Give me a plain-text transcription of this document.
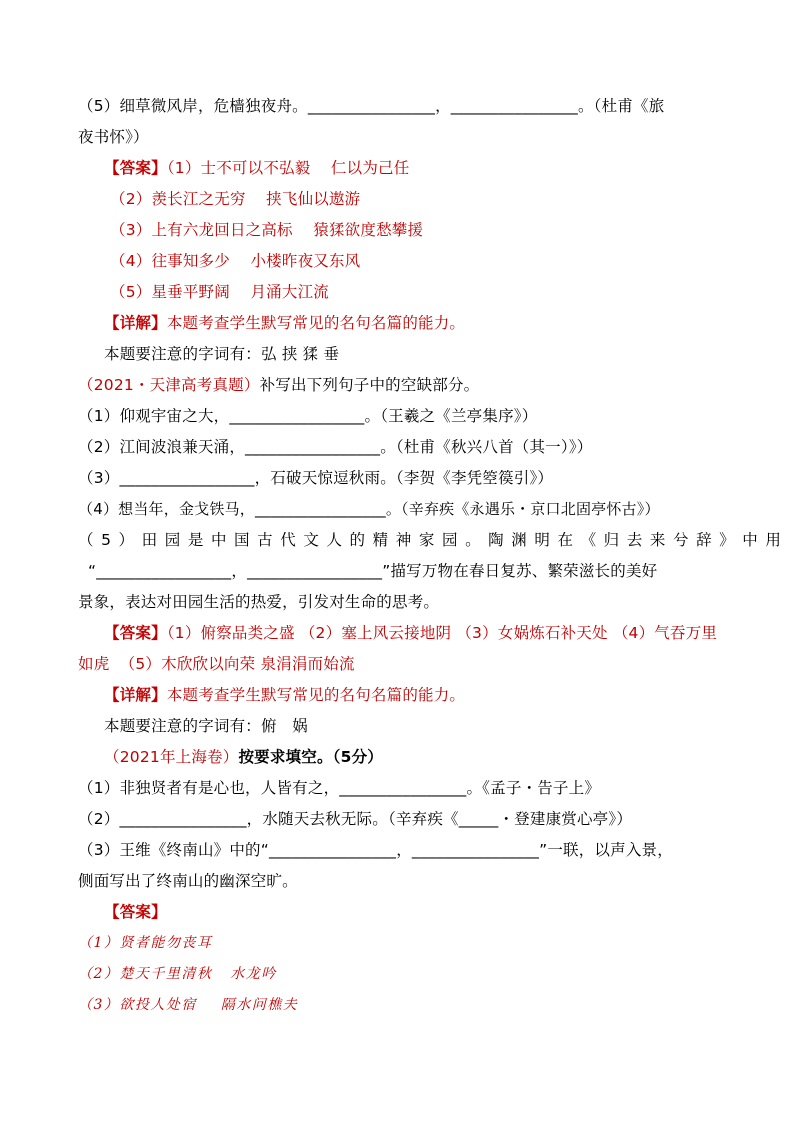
（5）细草微风岸，危樯独夜舟。________________，________________。（杜甫《旅
夜书怀》）
【答案】（1）士不可以不弘毅    仁以为己任
（2）羡长江之无穷    挟飞仙以遨游
（3）上有六龙回日之高标    猿猱欲度愁攀援
（4）往事知多少    小楼昨夜又东风
（5）星垂平野阔    月涌大江流
【详解】本题考查学生默写常见的名句名篇的能力。
本题要注意的字词有：弘 挟 猱 垂
（2021・天津高考真题）补写出下列句子中的空缺部分。
（1）仰观宇宙之大，_________________。（王羲之《兰亭集序》）
（2）江间波浪兼天涌，_________________。（杜甫《秋兴八首（其一）》）
（3）_________________，石破天惊逗秋雨。（李贺《李凭箜篌引》）
（4）想当年，金戈铁马，_________________。（辛弃疾《永遇乐・京口北固亭怀古》）
（5）田园是中国古代文人的精神家园。陶渊明在《归去来兮辞》中用
“_________________，_________________”描写万物在春日复苏、繁荣滋长的美好
景象，表达对田园生活的热爱，引发对生命的思考。
【答案】（1）俯察品类之盛 （2）塞上风云接地阴 （3）女娲炼石补天处 （4）气吞万里
如虎  （5）木欣欣以向荣 泉涓涓而始流
【详解】本题考查学生默写常见的名句名篇的能力。
本题要注意的字词有：俯   娲
（2021年上海卷）按要求填空。（5分）
（1）非独贤者有是心也，人皆有之，________________。《孟子・告子上》
（2）________________，水随天去秋无际。（辛弃疾《_____・登建康赏心亭》）
（3）王维《终南山》中的“________________，________________”一联，以声入景，
侧面写出了终南山的幽深空旷。
【答案】
（1）贤者能勿丧耳
（2）楚天千里清秋   水龙吟
（3）欲投人处宿    隔水问樵夫
